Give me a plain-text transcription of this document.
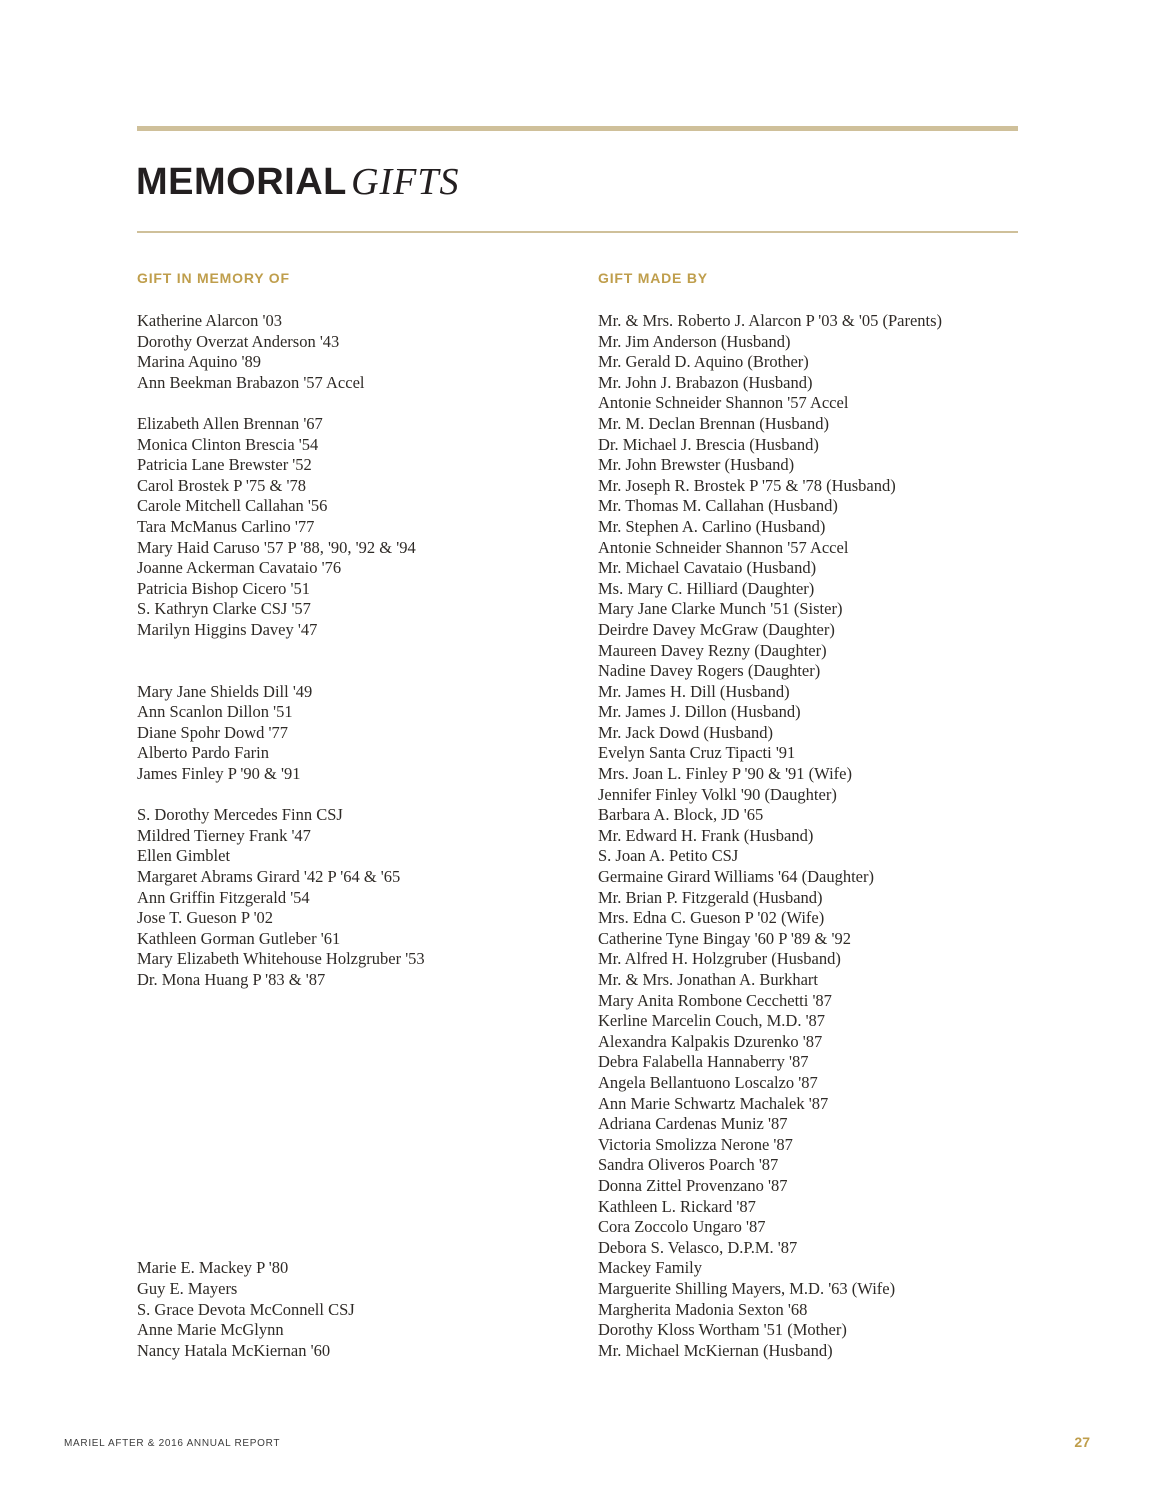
MEMORIAL  GIFTS
GIFT IN MEMORY OF	GIFT MADE BY
Katherine Alarcon '03
Dorothy Overzat Anderson '43
Marina Aquino '89
Ann Beekman Brabazon '57 Accel

Elizabeth Allen Brennan '67
Monica Clinton Brescia '54
Patricia Lane Brewster '52
Carol Brostek P '75 & '78
Carole Mitchell Callahan '56
Tara McManus Carlino '77
Mary Haid Caruso '57 P '88, '90, '92 & '94
Joanne Ackerman Cavataio '76
Patricia Bishop Cicero '51
S. Kathryn Clarke CSJ '57
Marilyn Higgins Davey '47

Mary Jane Shields Dill '49
Ann Scanlon Dillon '51
Diane Spohr Dowd '77
Alberto Pardo Farin
James Finley P '90 & '91

S. Dorothy Mercedes Finn CSJ
Mildred Tierney Frank '47
Ellen Gimblet
Margaret Abrams Girard '42 P '64 & '65
Ann Griffin Fitzgerald '54
Jose T. Gueson P '02
Kathleen Gorman Gutleber '61
Mary Elizabeth Whitehouse Holzgruber '53
Dr. Mona Huang P '83 & '87

Marie E. Mackey P '80
Guy E. Mayers
S. Grace Devota McConnell CSJ
Anne Marie McGlynn
Nancy Hatala McKiernan '60
Mr. & Mrs. Roberto J. Alarcon P '03 & '05 (Parents)
Mr. Jim Anderson (Husband)
Mr. Gerald D. Aquino (Brother)
Mr. John J. Brabazon (Husband)
Antonie Schneider Shannon '57 Accel
Mr. M. Declan Brennan (Husband)
Dr. Michael J. Brescia (Husband)
Mr. John Brewster (Husband)
Mr. Joseph R. Brostek P '75 & '78 (Husband)
Mr. Thomas M. Callahan (Husband)
Mr. Stephen A. Carlino (Husband)
Antonie Schneider Shannon '57 Accel
Mr. Michael Cavataio (Husband)
Ms. Mary C. Hilliard (Daughter)
Mary Jane Clarke Munch '51 (Sister)
Deirdre Davey McGraw (Daughter)
Maureen Davey Rezny (Daughter)
Nadine Davey Rogers (Daughter)
Mr. James H. Dill (Husband)
Mr. James J. Dillon (Husband)
Mr. Jack Dowd (Husband)
Evelyn Santa Cruz Tipacti '91
Mrs. Joan L. Finley P '90 & '91 (Wife)
Jennifer Finley Volkl '90 (Daughter)
Barbara A. Block, JD '65
Mr. Edward H. Frank (Husband)
S. Joan A. Petito CSJ
Germaine Girard Williams '64 (Daughter)
Mr. Brian P. Fitzgerald (Husband)
Mrs. Edna C. Gueson P '02 (Wife)
Catherine Tyne Bingay '60 P '89 & '92
Mr. Alfred H. Holzgruber (Husband)
Mr. & Mrs. Jonathan A. Burkhart
Mary Anita Rombone Cecchetti '87
Kerline Marcelin Couch, M.D. '87
Alexandra Kalpakis Dzurenko '87
Debra Falabella Hannaberry '87
Angela Bellantuono Loscalzo '87
Ann Marie Schwartz Machalek '87
Adriana Cardenas Muniz '87
Victoria Smolizza Nerone '87
Sandra Oliveros Poarch '87
Donna Zittel Provenzano '87
Kathleen L. Rickard '87
Cora Zoccolo Ungaro '87
Debora S. Velasco, D.P.M. '87
Mackey Family
Marguerite Shilling Mayers, M.D. '63 (Wife)
Margherita Madonia Sexton '68
Dorothy Kloss Wortham '51 (Mother)
Mr. Michael McKiernan (Husband)
MARIEL AFTER & 2016 ANNUAL REPORT	27
